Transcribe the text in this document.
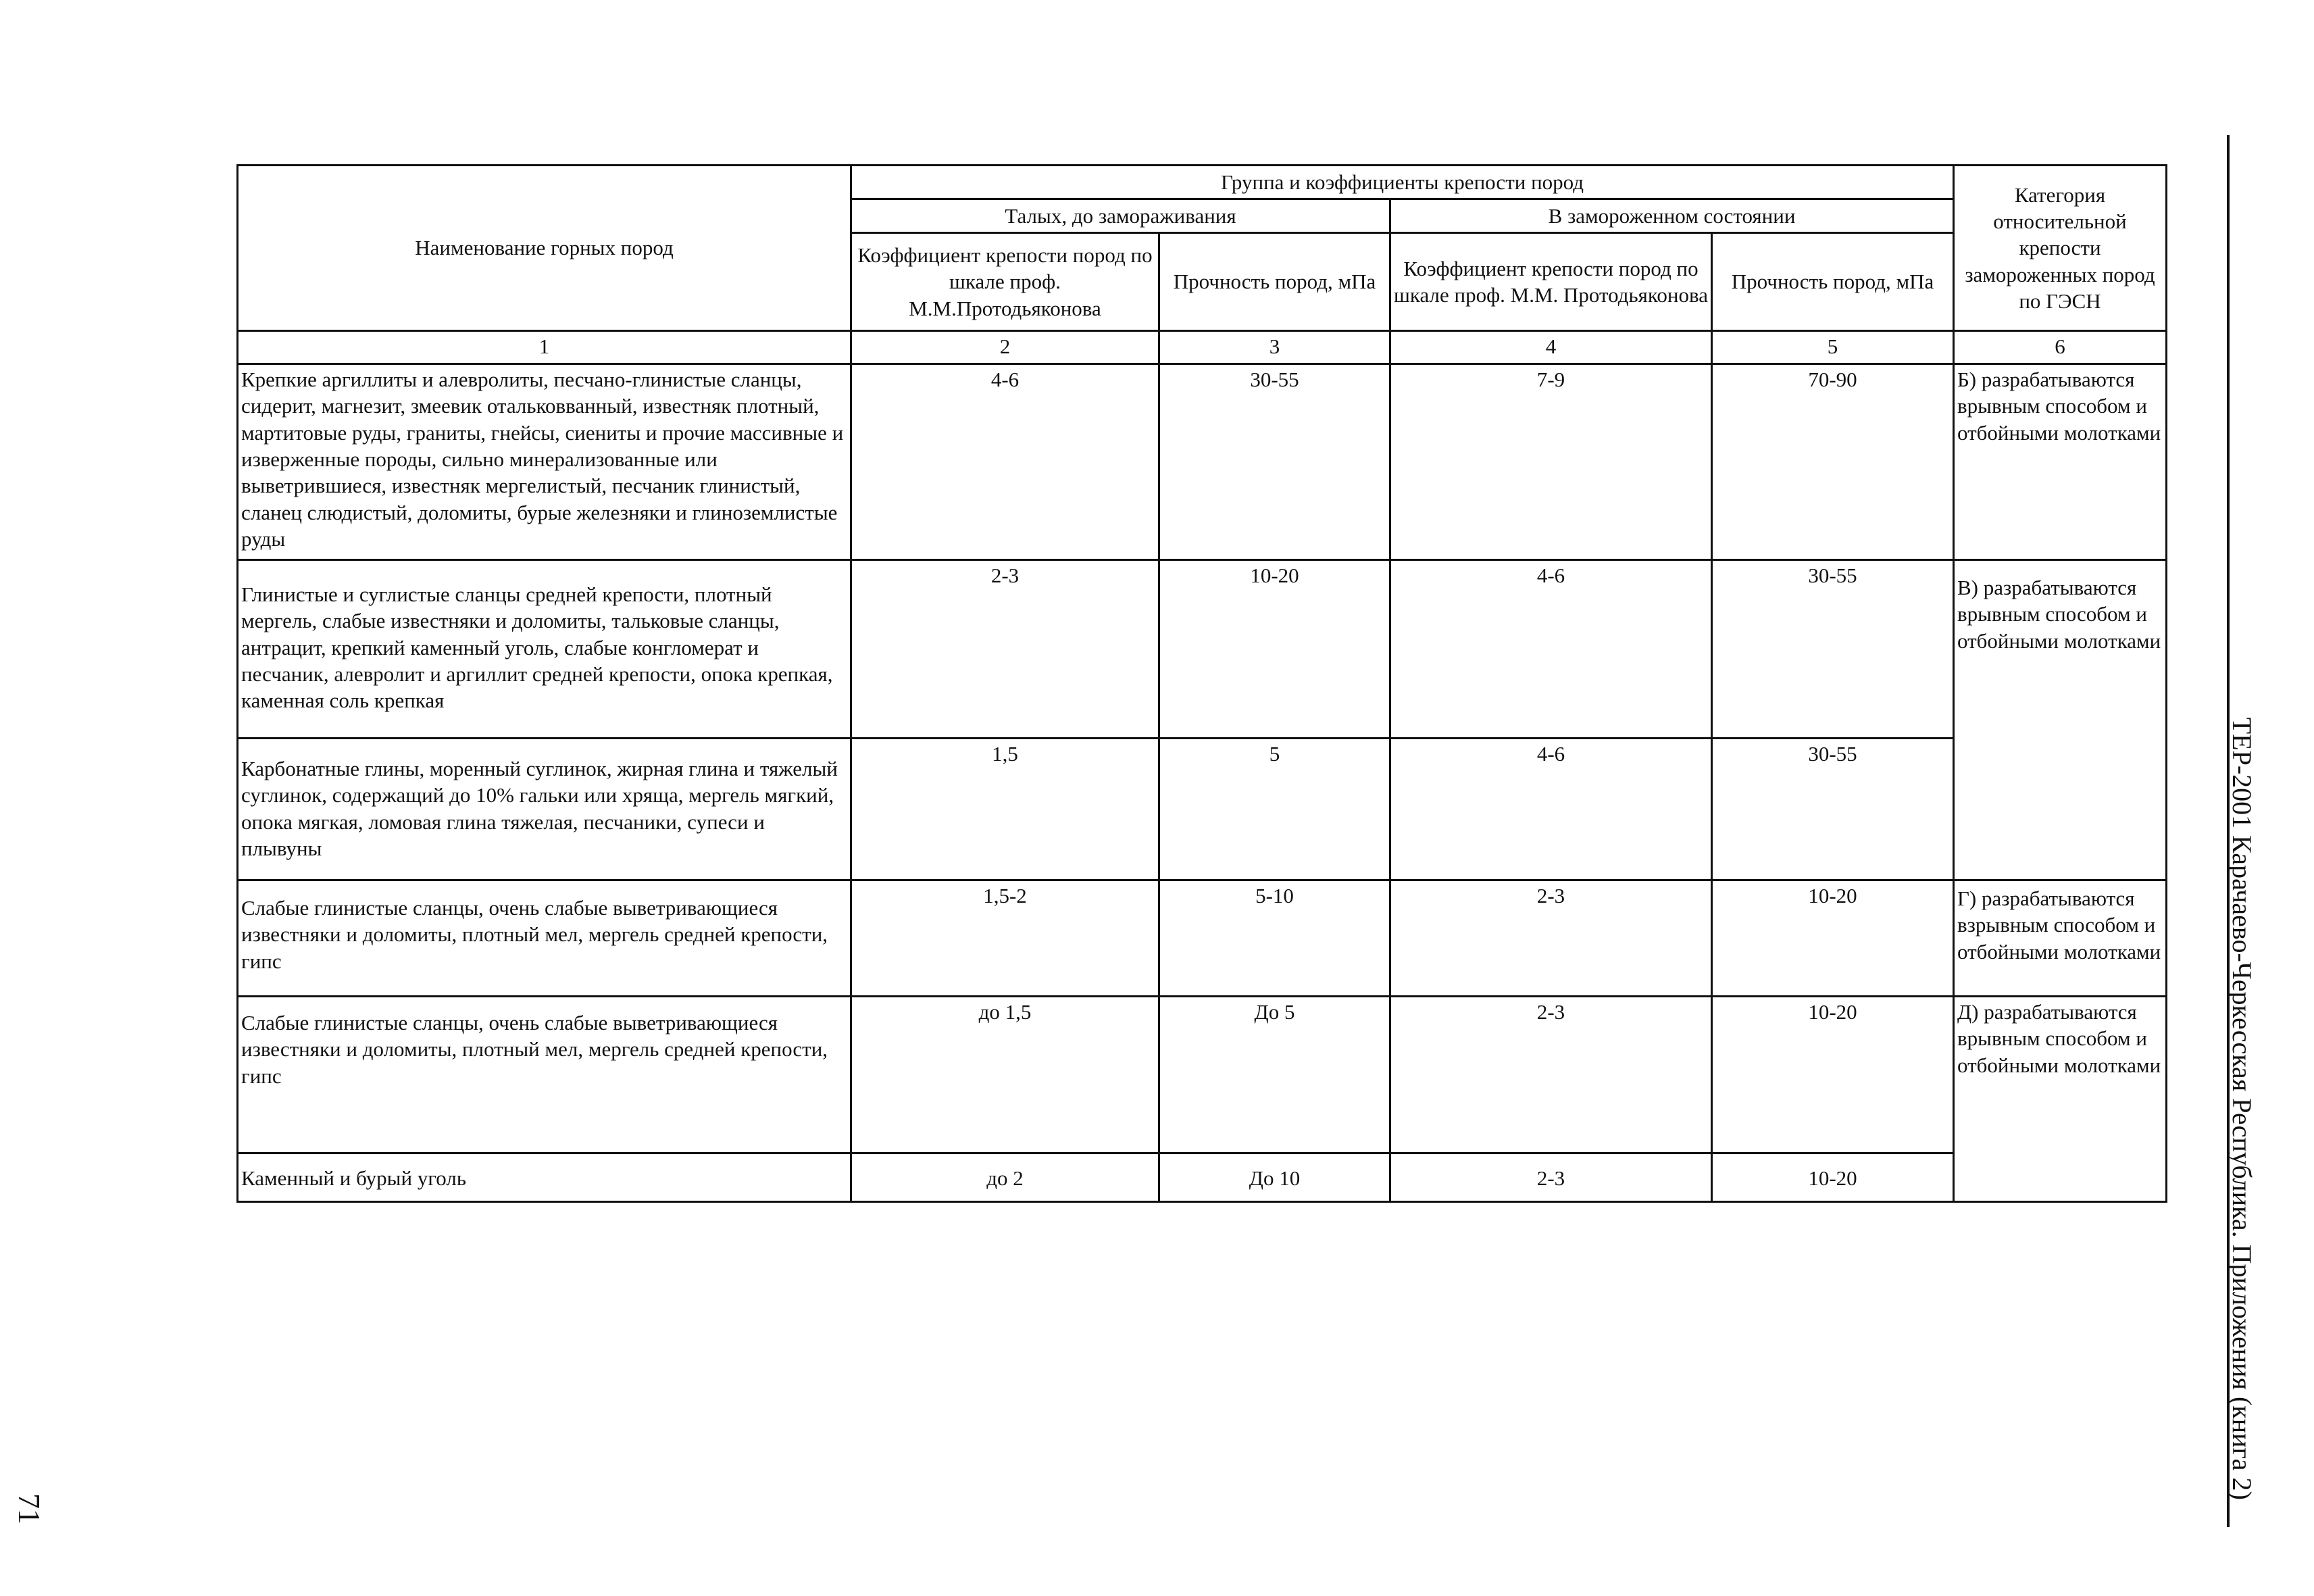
Наименование горных пород	Группа и коэффициенты крепости пород				Категория относительной крепости замороженных пород по ГЭСН
	Талых, до замораживания		В замороженном состоянии		
	Коэффициент крепости пород по шкале проф. М.М.Протодьяконова	Прочность пород, мПа	Коэффициент крепости пород по шкале проф. М.М. Протодьяконова	Прочность пород, мПа	
1	2	3	4	5	6
Крепкие аргиллиты и алевролиты, песчано-глинистые сланцы, сидерит, магнезит, змеевик отальковванный, известняк плотный, мартитовые руды, граниты, гнейсы, сиениты и прочие массивные и изверженные породы, сильно минерализованные или выветрившиеся, известняк мергелистый, песчаник глинистый, сланец слюдистый, доломиты, бурые железняки и глиноземлистые руды	4-6	30-55	7-9	70-90	Б) разрабатываются врывным способом и отбойными молотками
Глинистые и суглистые сланцы средней крепости, плотный мергель, слабые известняки и доломиты, тальковые сланцы, антрацит, крепкий каменный уголь, слабые конгломерат и песчаник, алевролит и аргиллит средней крепости, опока крепкая, каменная соль крепкая	2-3	10-20	4-6	30-55	В) разрабатываются врывным способом и отбойными молотками
Карбонатные глины, моренный суглинок, жирная глина и тяжелый суглинок, содержащий до 10% гальки или хряща, мергель мягкий, опока мягкая, ломовая глина тяжелая, песчаники, супеси и плывуны	1,5	5	4-6	30-55	
Слабые глинистые сланцы, очень слабые выветривающиеся известняки и доломиты, плотный мел, мергель средней крепости, гипс	1,5-2	5-10	2-3	10-20	Г) разрабатываются взрывным способом и отбойными молотками
Слабые глинистые сланцы, очень слабые выветривающиеся известняки и доломиты, плотный мел, мергель средней крепости, гипс	до 1,5	До 5	2-3	10-20	Д) разрабатываются врывным способом и отбойными молотками
Каменный и бурый уголь	до 2	До 10	2-3	10-20		ТЕР-2001 Карачаево-Черкесская Республика. Приложения (книга 2)
71
